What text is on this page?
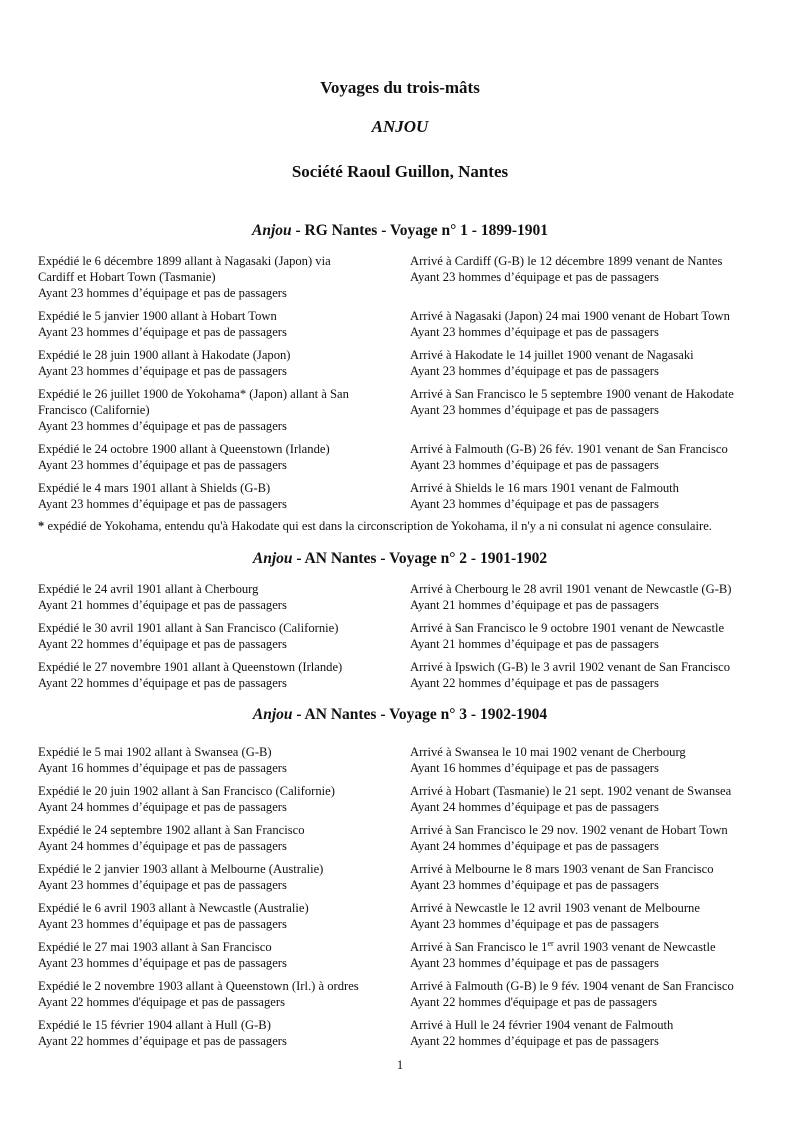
Voyages du trois-mâts
ANJOU
Société Raoul Guillon, Nantes
Anjou - RG Nantes - Voyage n° 1 - 1899-1901
Expédié le 6 décembre 1899 allant à Nagasaki (Japon) via
Cardiff et Hobart Town (Tasmanie)
Ayant 23 hommes d’équipage et pas de passagers
Arrivé à Cardiff (G-B) le 12 décembre 1899 venant de Nantes
Ayant 23 hommes d’équipage et pas de passagers
Expédié le 5 janvier 1900 allant à Hobart Town
Ayant 23 hommes d’équipage et pas de passagers
Arrivé à Nagasaki (Japon) 24 mai 1900 venant de Hobart Town
Ayant 23 hommes d’équipage et pas de passagers
Expédié le 28 juin 1900 allant à Hakodate (Japon)
Ayant 23 hommes d’équipage et pas de passagers
Arrivé à Hakodate le 14 juillet 1900 venant de Nagasaki
Ayant 23 hommes d’équipage et pas de passagers
Expédié le 26 juillet 1900 de Yokohama* (Japon) allant à San
Francisco (Californie)
Ayant 23 hommes d’équipage et pas de passagers
Arrivé à San Francisco le 5 septembre 1900 venant de Hakodate
Ayant 23 hommes d’équipage et pas de passagers
Expédié le 24 octobre 1900 allant à Queenstown (Irlande)
Ayant 23 hommes d’équipage et pas de passagers
Arrivé à Falmouth (G-B) 26 fév. 1901 venant de San Francisco
Ayant 23 hommes d’équipage et pas de passagers
Expédié le 4 mars 1901 allant à Shields (G-B)
Ayant 23 hommes d’équipage et pas de passagers
Arrivé à Shields le 16 mars 1901 venant de Falmouth
Ayant 23 hommes d’équipage et pas de passagers
* expédié de Yokohama, entendu qu'à Hakodate qui est dans la circonscription de Yokohama, il n'y a ni consulat ni agence consulaire.
Anjou - AN Nantes - Voyage n° 2 - 1901-1902
Expédié le 24 avril 1901 allant à Cherbourg
Ayant 21 hommes d’équipage et pas de passagers
Arrivé à Cherbourg le 28 avril 1901 venant de Newcastle (G-B)
Ayant 21 hommes d’équipage et pas de passagers
Expédié le 30 avril 1901 allant à San Francisco (Californie)
Ayant 22 hommes d’équipage et pas de passagers
Arrivé à San Francisco le 9 octobre 1901 venant de Newcastle
Ayant 21 hommes d’équipage et pas de passagers
Expédié le 27 novembre 1901 allant à Queenstown (Irlande)
Ayant 22 hommes d’équipage et pas de passagers
Arrivé à Ipswich (G-B) le 3 avril 1902 venant de San Francisco
Ayant 22 hommes d’équipage et pas de passagers
Anjou - AN Nantes - Voyage n° 3 - 1902-1904
Expédié le 5 mai 1902 allant à Swansea (G-B)
Ayant 16 hommes d’équipage et pas de passagers
Arrivé à Swansea le 10 mai 1902 venant de Cherbourg
Ayant 16 hommes d’équipage et pas de passagers
Expédié le 20 juin 1902 allant à San Francisco (Californie)
Ayant 24 hommes d’équipage et pas de passagers
Arrivé à Hobart (Tasmanie) le 21 sept. 1902 venant de Swansea
Ayant 24 hommes d’équipage et pas de passagers
Expédié le 24 septembre 1902 allant à San Francisco
Ayant 24 hommes d’équipage et pas de passagers
Arrivé à San Francisco le 29 nov. 1902 venant de Hobart Town
Ayant 24 hommes d’équipage et pas de passagers
Expédié le 2 janvier 1903 allant à Melbourne (Australie)
Ayant 23 hommes d’équipage et pas de passagers
Arrivé à Melbourne le 8 mars 1903 venant de San Francisco
Ayant 23 hommes d’équipage et pas de passagers
Expédié le 6 avril 1903 allant à Newcastle (Australie)
Ayant 23 hommes d’équipage et pas de passagers
Arrivé à Newcastle le 12 avril 1903 venant de Melbourne
Ayant 23 hommes d’équipage et pas de passagers
Expédié le 27 mai 1903 allant à San Francisco
Ayant 23 hommes d’équipage et pas de passagers
Arrivé à San Francisco le 1er avril 1903 venant de Newcastle
Ayant 23 hommes d’équipage et pas de passagers
Expédié le 2 novembre 1903 allant à Queenstown (Irl.) à ordres
Ayant 22 hommes d'équipage et pas de passagers
Arrivé à Falmouth (G-B) le 9 fév. 1904 venant de San Francisco
Ayant 22 hommes d'équipage et pas de passagers
Expédié le 15 février 1904 allant à Hull (G-B)
Ayant 22 hommes d’équipage et pas de passagers
Arrivé à Hull le 24 février 1904 venant de Falmouth
Ayant 22 hommes d’équipage et pas de passagers
1
